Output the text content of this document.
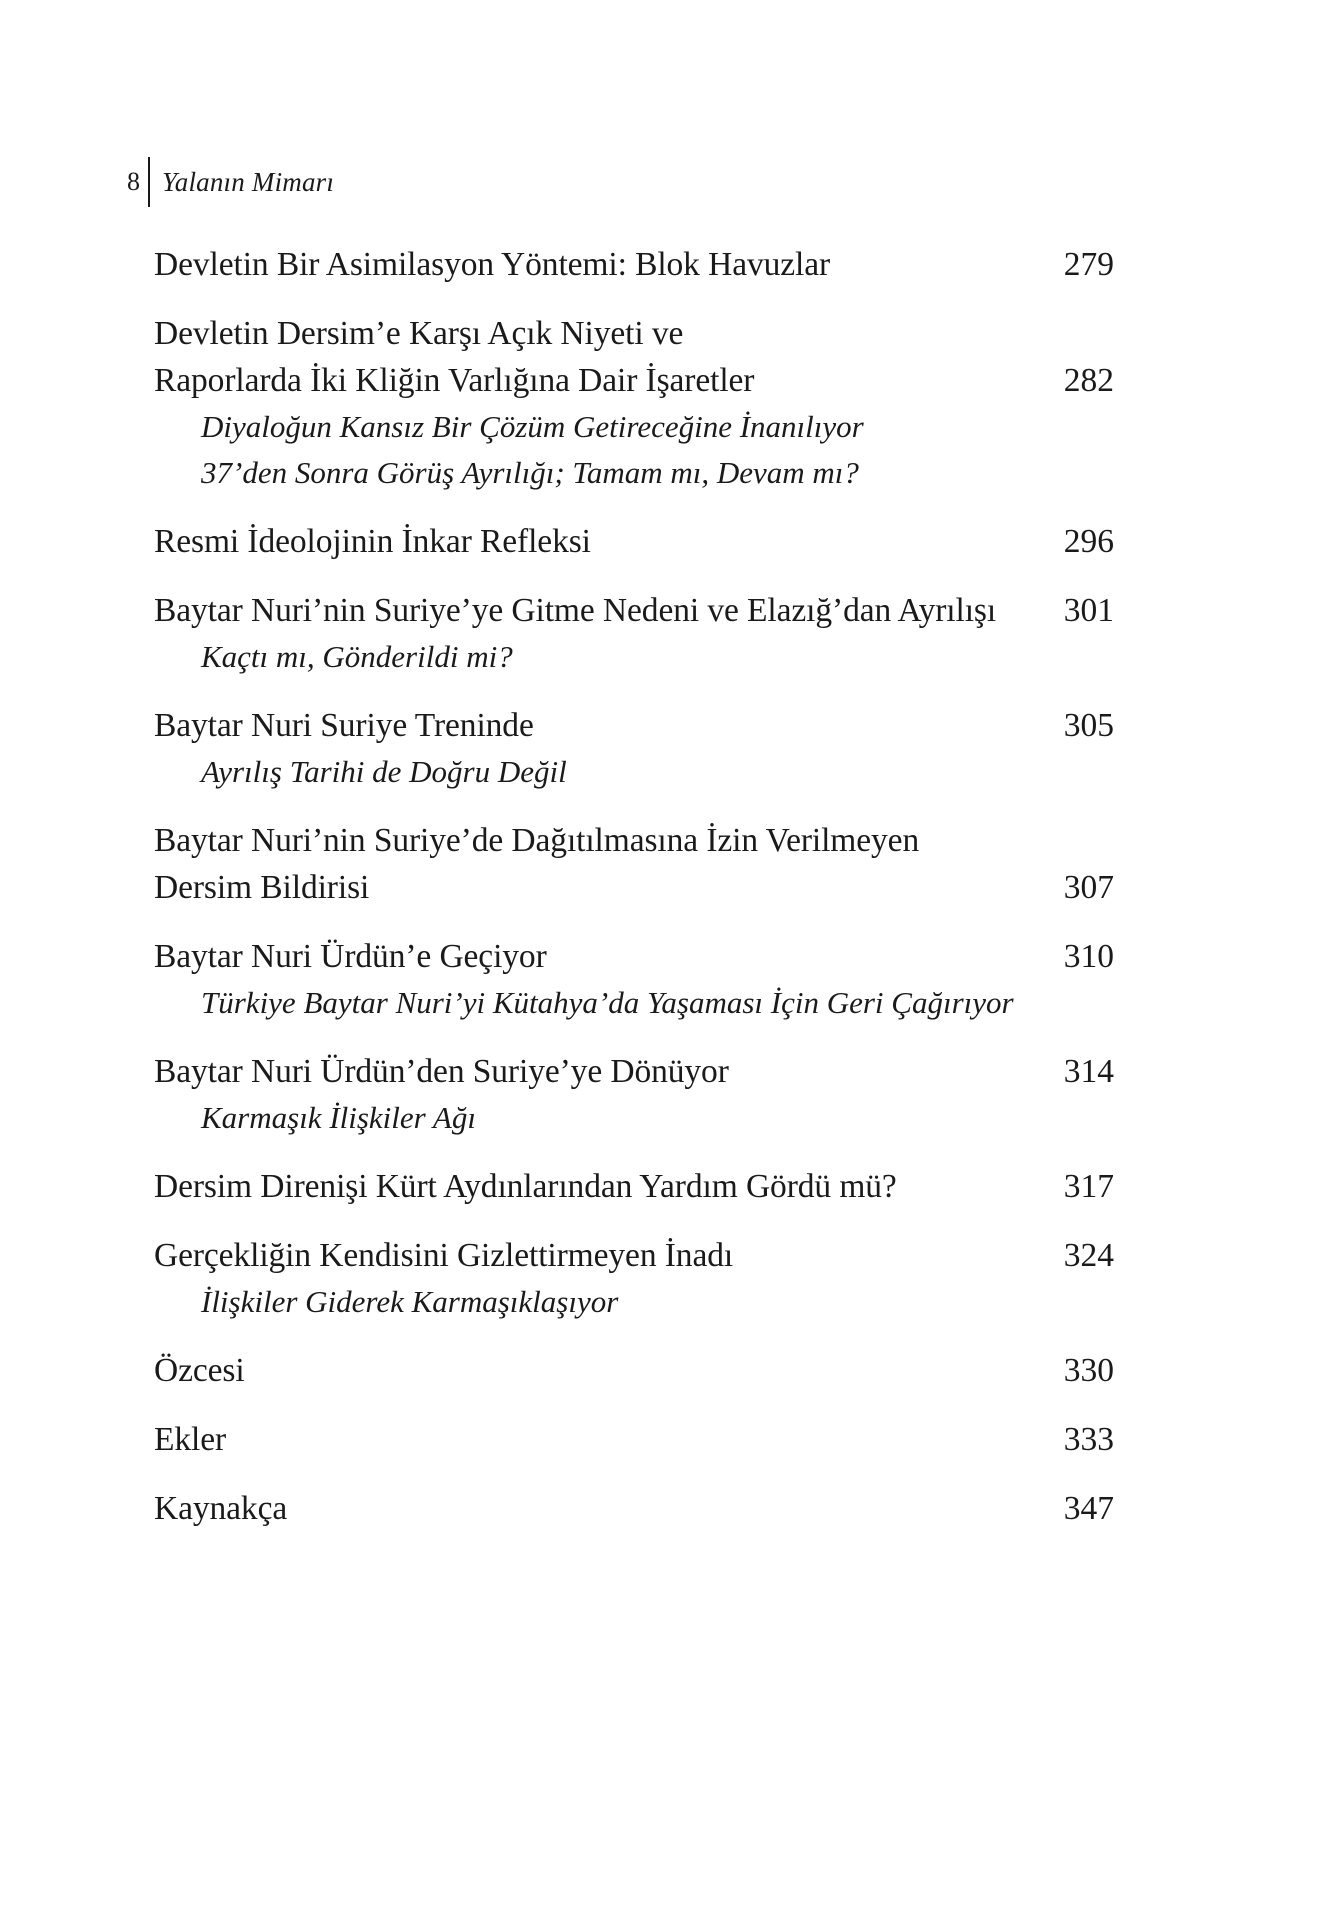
8 Yalanın Mimarı
Devletin Bir Asimilasyon Yöntemi: Blok Havuzlar	279
Devletin Dersim’e Karşı Açık Niyeti ve
Raporlarda İki Kliğin Varlığına Dair İşaretler	282
Diyaloğun Kansız Bir Çözüm Getireceğine İnanılıyor
37’den Sonra Görüş Ayrılığı; Tamam mı, Devam mı?
Resmi İdeolojinin İnkar Refleksi	296
Baytar Nuri’nin Suriye’ye Gitme Nedeni ve Elazığ’dan Ayrılışı	301
Kaçtı mı, Gönderildi mi?
Baytar Nuri Suriye Treninde	305
Ayrılış Tarihi de Doğru Değil
Baytar Nuri’nin Suriye’de Dağıtılmasına İzin Verilmeyen
Dersim Bildirisi	307
Baytar Nuri Ürdün’e Geçiyor	310
Türkiye Baytar Nuri’yi Kütahya’da Yaşaması İçin Geri Çağırıyor
Baytar Nuri Ürdün’den Suriye’ye Dönüyor	314
Karmaşık İlişkiler Ağı
Dersim Direnişi Kürt Aydınlarından Yardım Gördü mü?	317
Gerçekliğin Kendisini Gizlettirmeyen İnadı	324
İlişkiler Giderek Karmaşıklaşıyor
Özcesi	330
Ekler	333
Kaynakça	347
